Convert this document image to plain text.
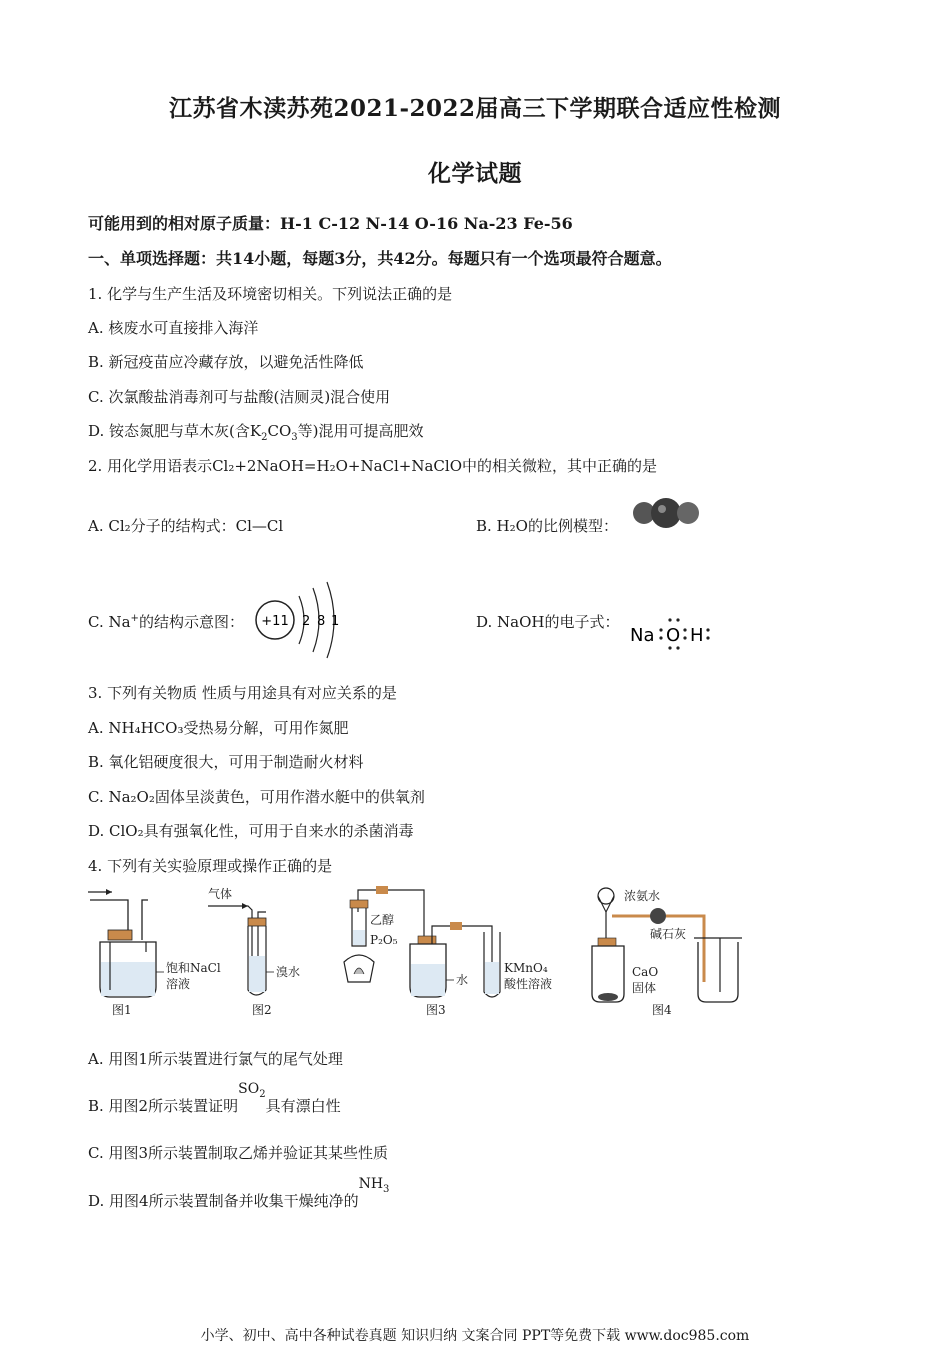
江苏省木渎苏苑2021-2022届高三下学期联合适应性检测
化学试题
可能用到的相对原子质量：H-1 C-12 N-14 O-16 Na-23 Fe-56
一、单项选择题：共14小题，每题3分，共42分。每题只有一个选项最符合题意。
1. 化学与生产生活及环境密切相关。下列说法正确的是
A. 核废水可直接排入海洋
B. 新冠疫苗应冷藏存放，以避免活性降低
C. 次氯酸盐消毒剂可与盐酸(洁厕灵)混合使用
D. 铵态氮肥与草木灰(含$K_2CO_3$等)混用可提高肥效
2. 用化学用语表示Cl₂+2NaOH=H₂O+NaCl+NaClO中的相关微粒，其中正确的是
A. Cl₂分子的结构式：Cl—Cl	B. H₂O的比例模型：
C. Na+的结构示意图： +11 2 8 1	D. NaOH的电子式：
Na O H
3. 下列有关物质 性质与用途具有对应关系的是
A. NH₄HCO₃受热易分解，可用作氮肥
B. 氧化铝硬度很大，可用于制造耐火材料
C. Na₂O₂固体呈淡黄色，可用作潜水艇中的供氧剂
D. ClO₂具有强氧化性，可用于自来水的杀菌消毒
4. 下列有关实验原理或操作正确的是
饱和NaCl
溶液
图1
气体
溴水
图2
乙醇
P₂O₅
水
KMnO₄
酸性溶液
图3
浓氨水
碱石灰
CaO
固体
图4
A. 用图1所示装置进行氯气的尾气处理
B. 用图2所示装置证明$SO_2$具有漂白性
C. 用图3所示装置制取乙烯并验证其某些性质
D. 用图4所示装置制备并收集干燥纯净的$NH_3$
小学、初中、高中各种试卷真题 知识归纳 文案合同 PPT等免费下载 www.doc985.com
